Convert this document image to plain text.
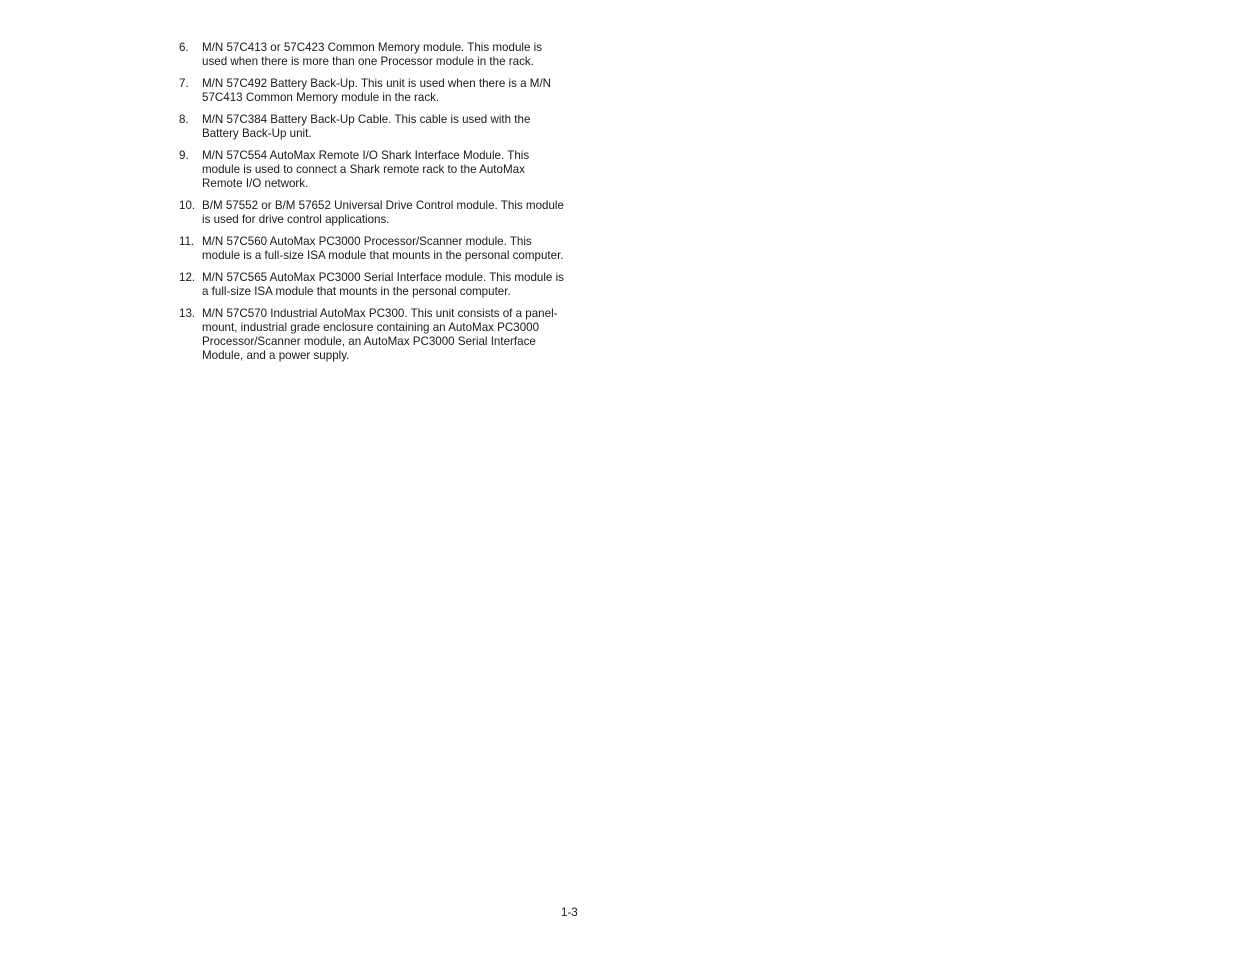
6.	M/N 57C413 or 57C423 Common Memory module. This module is used when there is more than one Processor module in the rack.
7.	M/N 57C492 Battery Back-Up. This unit is used when there is a M/N 57C413 Common Memory module in the rack.
8.	M/N 57C384 Battery Back-Up Cable. This cable is used with the Battery Back-Up unit.
9.	M/N 57C554 AutoMax Remote I/O Shark Interface Module. This module is used to connect a Shark remote rack to the AutoMax Remote I/O network.
10. B/M 57552 or B/M 57652 Universal Drive Control module. This module is used for drive control applications.
11. M/N 57C560 AutoMax PC3000 Processor/Scanner module. This module is a full-size ISA module that mounts in the personal computer.
12. M/N 57C565 AutoMax PC3000 Serial Interface module. This module is a full-size ISA module that mounts in the personal computer.
13. M/N 57C570 Industrial AutoMax PC300. This unit consists of a panel-mount, industrial grade enclosure containing an AutoMax PC3000 Processor/Scanner module, an AutoMax PC3000 Serial Interface Module, and a power supply.
1-3
